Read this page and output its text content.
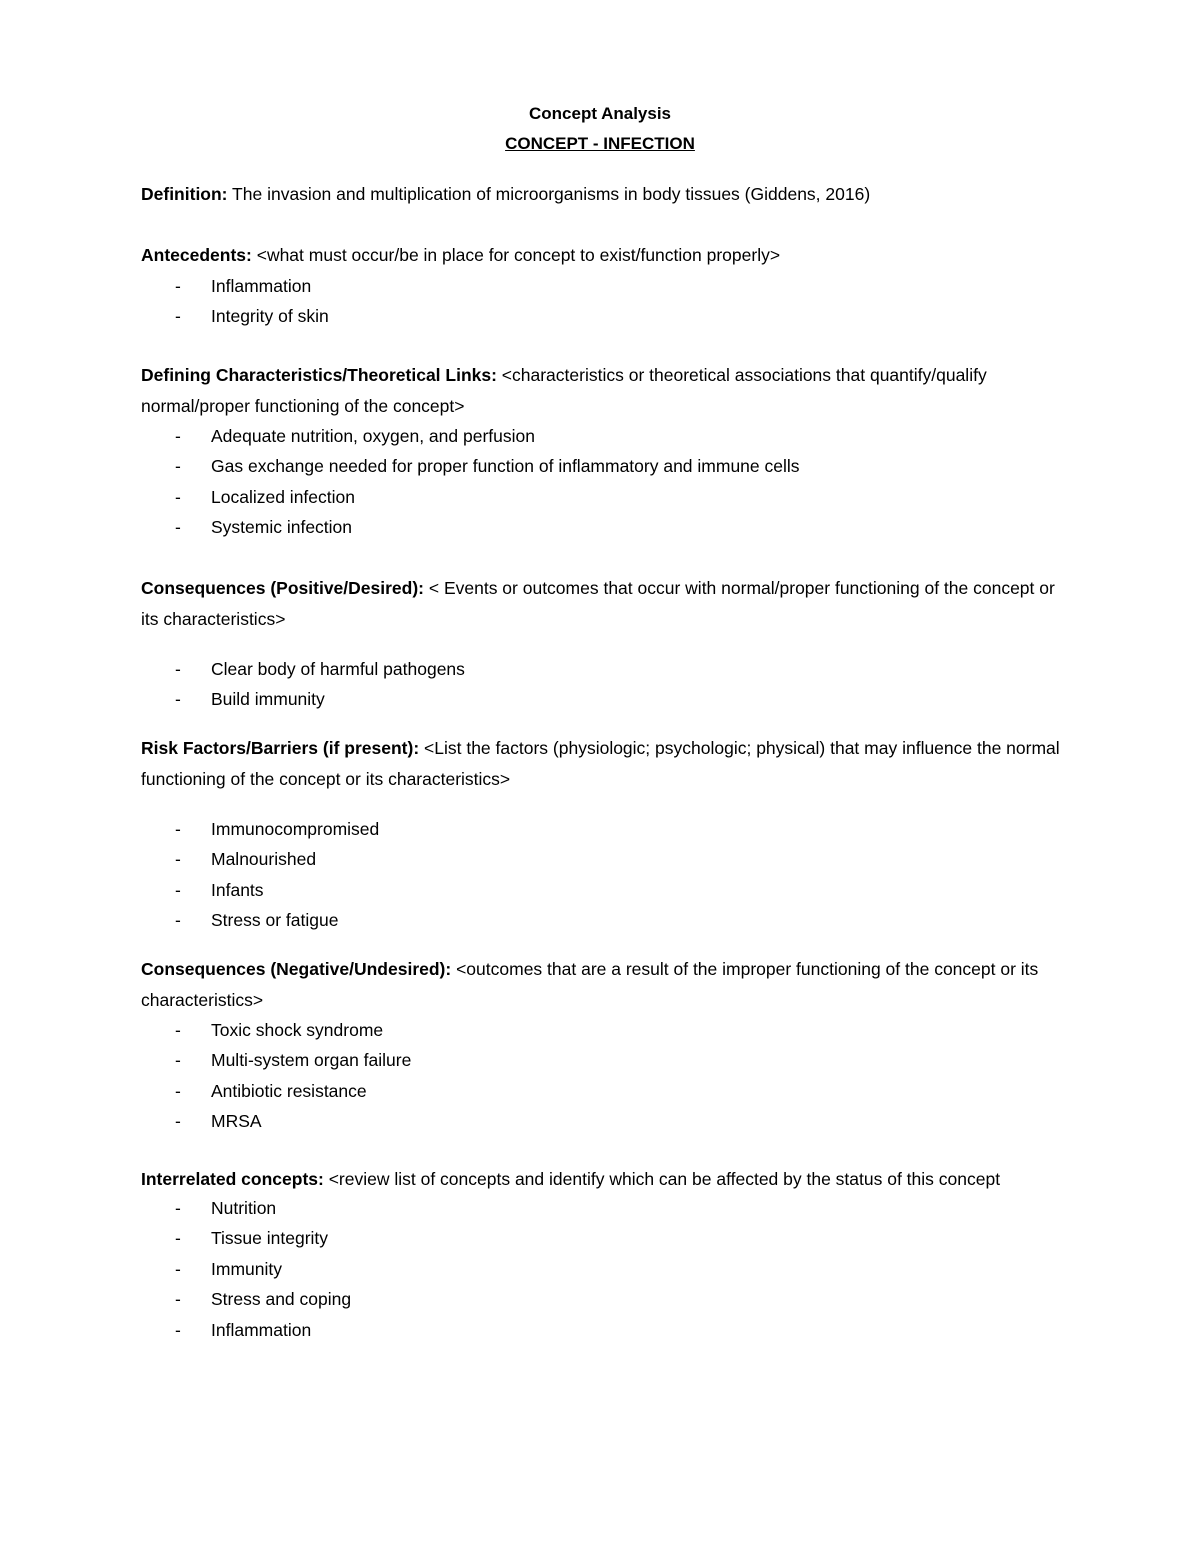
Concept Analysis
CONCEPT - INFECTION
Definition: The invasion and multiplication of microorganisms in body tissues (Giddens, 2016)
Antecedents: <what must occur/be in place for concept to exist/function properly>
- Inflammation
- Integrity of skin
Defining Characteristics/Theoretical Links: <characteristics or theoretical associations that quantify/qualify normal/proper functioning of the concept>
- Adequate nutrition, oxygen, and perfusion
- Gas exchange needed for proper function of inflammatory and immune cells
- Localized infection
- Systemic infection
Consequences (Positive/Desired): < Events or outcomes that occur with normal/proper functioning of the concept or its characteristics>
- Clear body of harmful pathogens
- Build immunity
Risk Factors/Barriers (if present): <List the factors (physiologic; psychologic; physical) that may influence the normal functioning of the concept or its characteristics>
- Immunocompromised
- Malnourished
- Infants
- Stress or fatigue
Consequences (Negative/Undesired): <outcomes that are a result of the improper functioning of the concept or its characteristics>
- Toxic shock syndrome
- Multi-system organ failure
- Antibiotic resistance
- MRSA
Interrelated concepts: <review list of concepts and identify which can be affected by the status of this concept
- Nutrition
- Tissue integrity
- Immunity
- Stress and coping
- Inflammation
